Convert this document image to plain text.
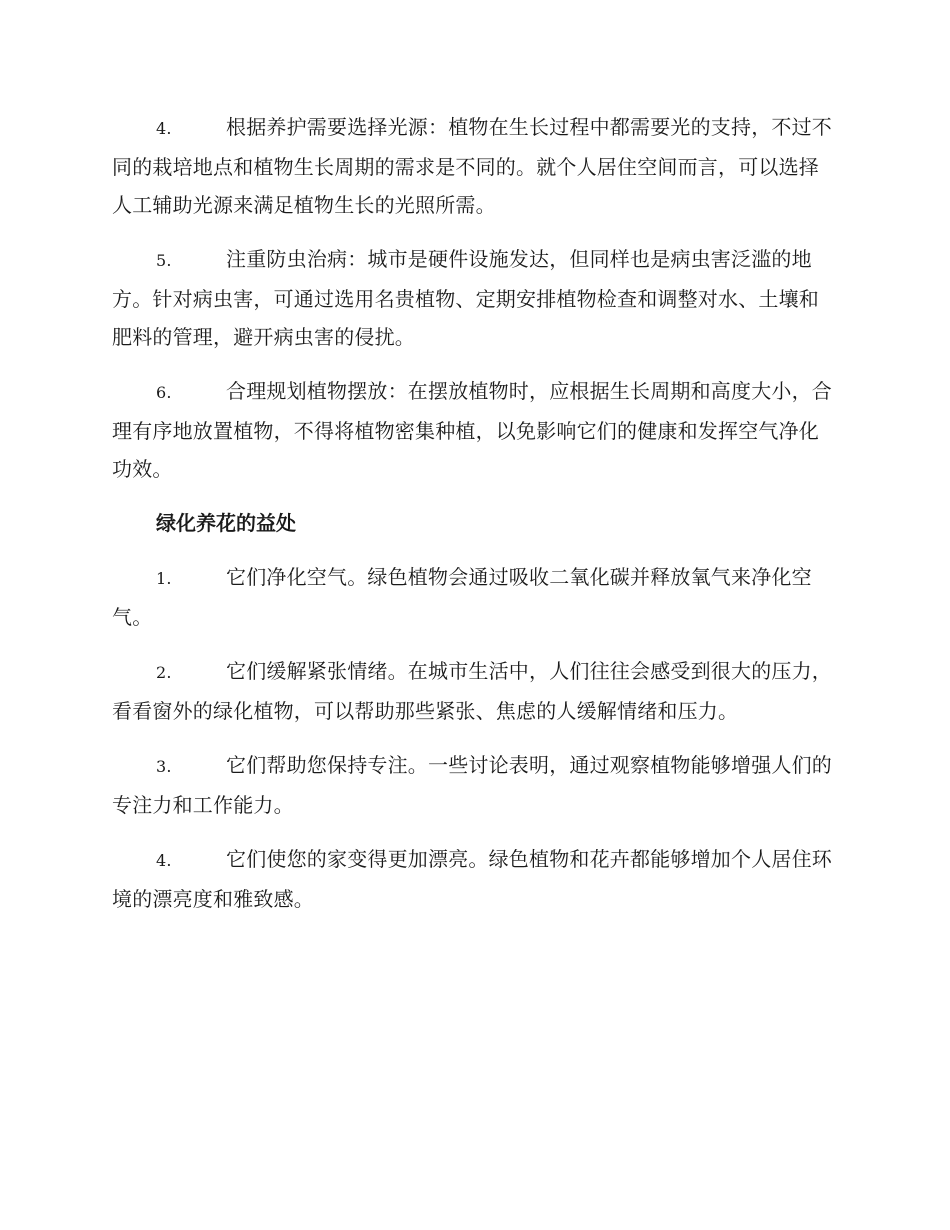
4.	根据养护需要选择光源：植物在生长过程中都需要光的支持，不过不同的栽培地点和植物生长周期的需求是不同的。就个人居住空间而言，可以选择人工辅助光源来满足植物生长的光照所需。

5.	注重防虫治病：城市是硬件设施发达，但同样也是病虫害泛滥的地方。针对病虫害，可通过选用名贵植物、定期安排植物检查和调整对水、土壤和肥料的管理，避开病虫害的侵扰。

6.	合理规划植物摆放：在摆放植物时，应根据生长周期和高度大小，合理有序地放置植物，不得将植物密集种植，以免影响它们的健康和发挥空气净化功效。

绿化养花的益处

1.	它们净化空气。绿色植物会通过吸收二氧化碳并释放氧气来净化空气。

2.	它们缓解紧张情绪。在城市生活中，人们往往会感受到很大的压力，看看窗外的绿化植物，可以帮助那些紧张、焦虑的人缓解情绪和压力。

3.	它们帮助您保持专注。一些讨论表明，通过观察植物能够增强人们的专注力和工作能力。

4.	它们使您的家变得更加漂亮。绿色植物和花卉都能够增加个人居住环境的漂亮度和雅致感。
